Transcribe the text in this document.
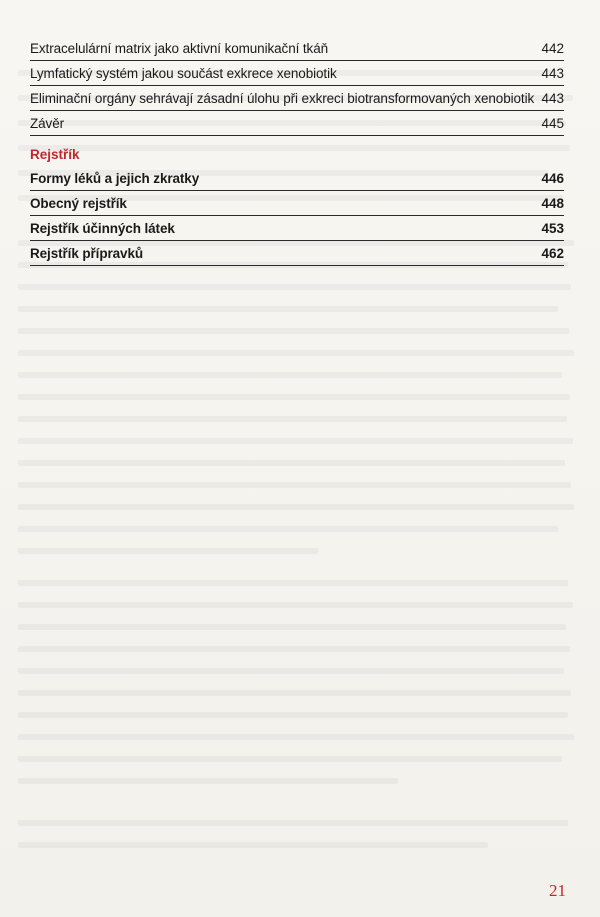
Extracelulární matrix jako aktivní komunikační tkáň	442
Lymfatický systém jakou součást exkrece xenobiotik	443
Eliminační orgány sehrávají zásadní úlohu při exkreci biotransformovaných xenobiotik 443
Závěr	445
Rejstřík
Formy léků a jejich zkratky	446
Obecný rejstřík	448
Rejstřík účinných látek	453
Rejstřík přípravků	462
21
